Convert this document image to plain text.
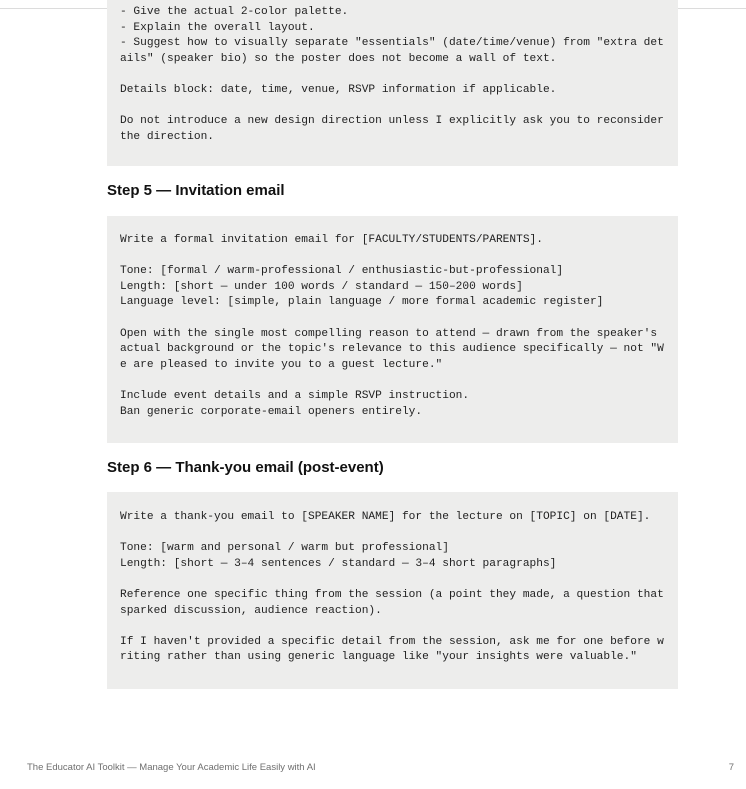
- Give the actual 2-color palette.
- Explain the overall layout.
- Suggest how to visually separate "essentials" (date/time/venue) from "extra details" (speaker bio) so the poster does not become a wall of text.
Details block: date, time, venue, RSVP information if applicable.
Do not introduce a new design direction unless I explicitly ask you to reconsider the direction.
Step 5 — Invitation email
Write a formal invitation email for [FACULTY/STUDENTS/PARENTS].
Tone: [formal / warm-professional / enthusiastic-but-professional]
Length: [short — under 100 words / standard — 150–200 words]
Language level: [simple, plain language / more formal academic register]
Open with the single most compelling reason to attend — drawn from the speaker's actual background or the topic's relevance to this audience specifically — not "We are pleased to invite you to a guest lecture."
Include event details and a simple RSVP instruction.
Ban generic corporate-email openers entirely.
Step 6 — Thank-you email (post-event)
Write a thank-you email to [SPEAKER NAME] for the lecture on [TOPIC] on [DATE].
Tone: [warm and personal / warm but professional]
Length: [short — 3–4 sentences / standard — 3–4 short paragraphs]
Reference one specific thing from the session (a point they made, a question that sparked discussion, audience reaction).
If I haven't provided a specific detail from the session, ask me for one before writing rather than using generic language like "your insights were valuable."
The Educator AI Toolkit — Manage Your Academic Life Easily with AI	7
